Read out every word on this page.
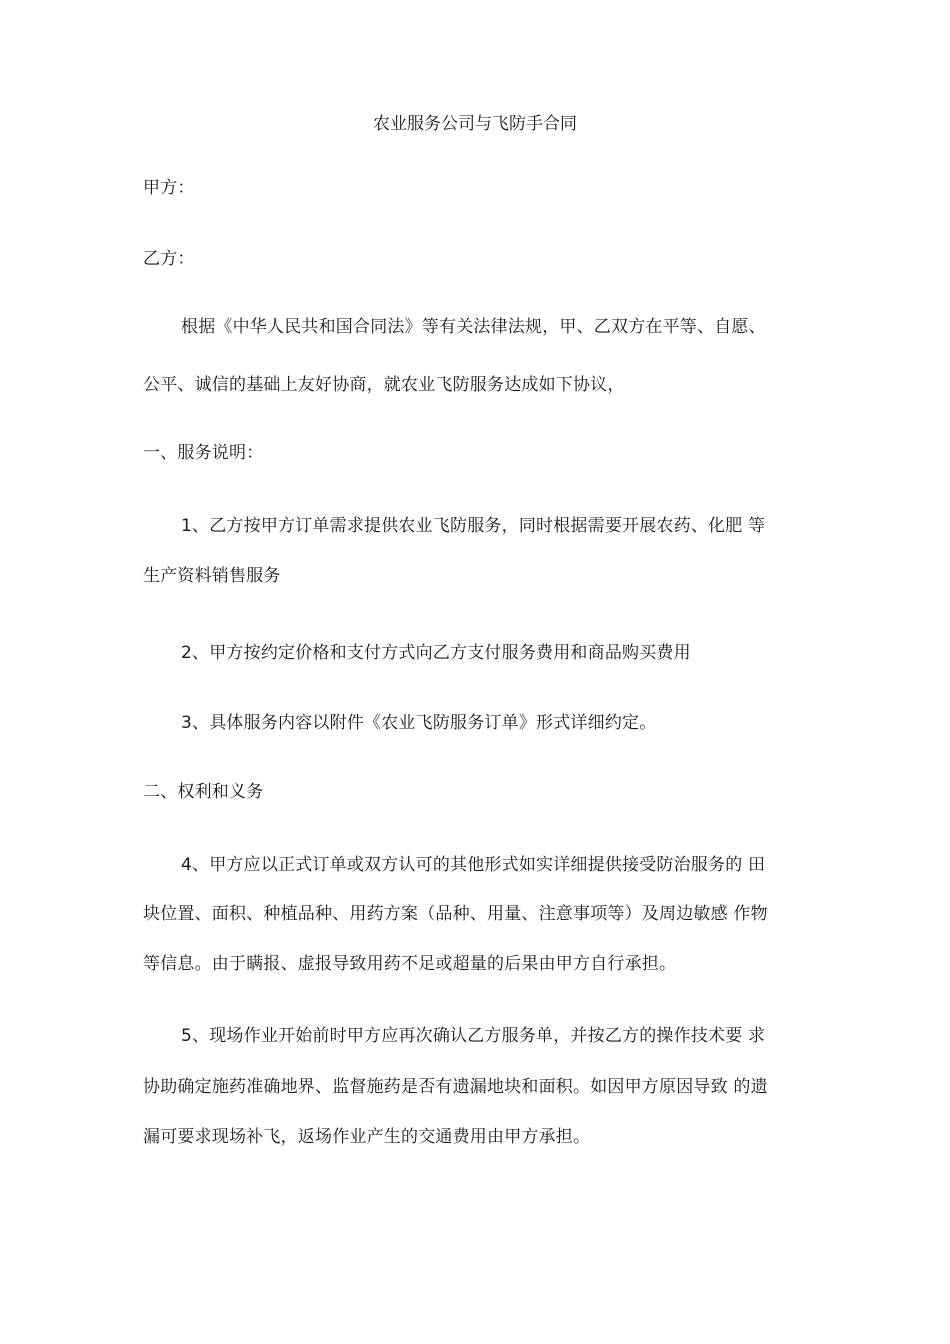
农业服务公司与飞防手合同
甲方：
乙方：
根据《中华人民共和国合同法》等有关法律法规，甲、乙双方在平等、自愿、
公平、诚信的基础上友好协商，就农业飞防服务达成如下协议，
一、服务说明：
1、乙方按甲方订单需求提供农业飞防服务，同时根据需要开展农药、化肥 等
生产资料销售服务
2、甲方按约定价格和支付方式向乙方支付服务费用和商品购买费用
3、具体服务内容以附件《农业飞防服务订单》形式详细约定。
二、权利和义务
4、甲方应以正式订单或双方认可的其他形式如实详细提供接受防治服务的 田
块位置、面积、种植品种、用药方案（品种、用量、注意事项等）及周边敏感 作物
等信息。由于瞒报、虚报导致用药不足或超量的后果由甲方自行承担。
5、现场作业开始前时甲方应再次确认乙方服务单，并按乙方的操作技术要 求
协助确定施药准确地界、监督施药是否有遗漏地块和面积。如因甲方原因导致 的遗
漏可要求现场补飞，返场作业产生的交通费用由甲方承担。
